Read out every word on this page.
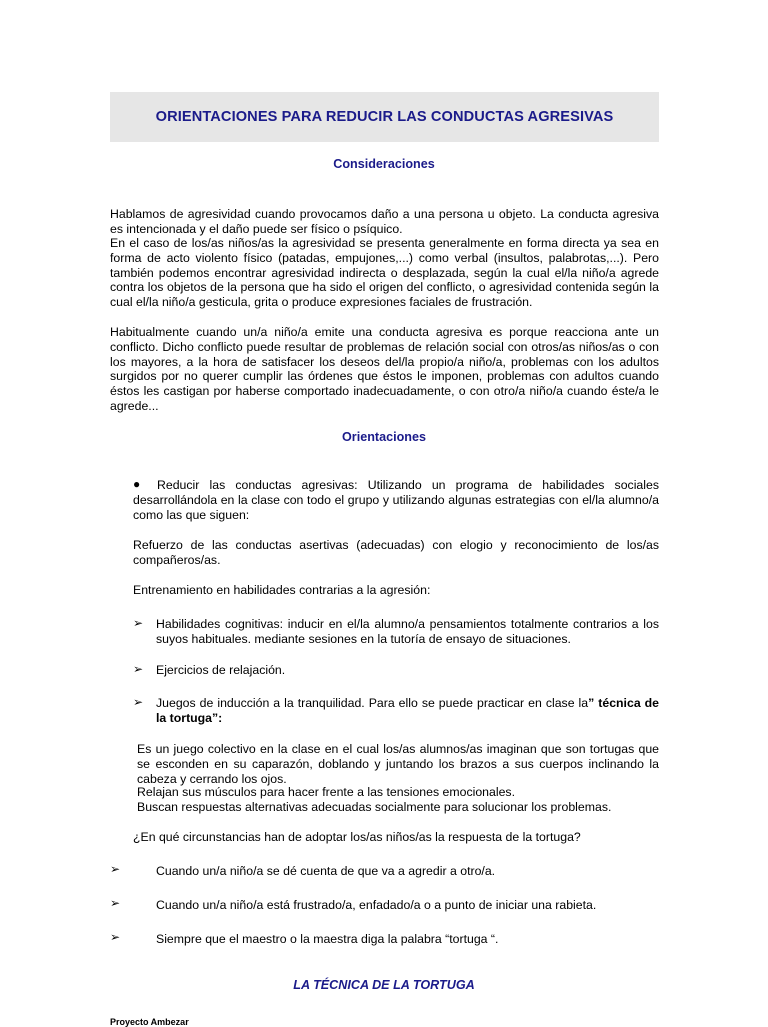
ORIENTACIONES PARA REDUCIR LAS CONDUCTAS AGRESIVAS

Consideraciones

Hablamos de agresividad cuando provocamos daño a una persona u objeto. La conducta agresiva es intencionada y el daño puede ser físico o psíquico.

En el caso de los/as niños/as la agresividad se presenta generalmente en forma directa ya sea en forma de acto violento físico (patadas, empujones,...) como verbal (insultos, palabrotas,...). Pero también podemos encontrar agresividad indirecta o desplazada, según la cual el/la niño/a agrede contra los objetos de la persona que ha sido el origen del conflicto, o agresividad contenida según la cual el/la niño/a gesticula, grita o produce expresiones faciales de frustración.

Habitualmente cuando un/a niño/a emite una conducta agresiva es porque reacciona ante un conflicto. Dicho conflicto puede resultar de problemas de relación social con otros/as niños/as o con los mayores, a la hora de satisfacer los deseos del/la propio/a niño/a, problemas con los adultos surgidos por no querer cumplir las órdenes que éstos le imponen, problemas con adultos cuando éstos les castigan por haberse comportado inadecuadamente, o con otro/a niño/a cuando éste/a le agrede...

Orientaciones

●	Reducir las conductas agresivas: Utilizando un programa de habilidades sociales desarrollándola en la clase con todo el grupo y utilizando algunas estrategias con el/la alumno/a como las que siguen:

Refuerzo de las conductas asertivas (adecuadas) con elogio y reconocimiento de los/as compañeros/as.

Entrenamiento en habilidades contrarias a la agresión:

➢ Habilidades cognitivas: inducir en el/la alumno/a pensamientos totalmente contrarios a los suyos habituales. mediante sesiones en la tutoría de ensayo de situaciones.

➢ Ejercicios de relajación.

➢ Juegos de inducción a la tranquilidad. Para ello se puede practicar en clase la” técnica de la tortuga”:

Es un juego colectivo en la clase en el cual los/as alumnos/as imaginan que son tortugas que se esconden en su caparazón, doblando y juntando los brazos a sus cuerpos inclinando la cabeza y cerrando los ojos.

Relajan sus músculos para hacer frente a las tensiones emocionales.

Buscan respuestas alternativas adecuadas socialmente para solucionar los problemas.

¿En qué circunstancias han de adoptar los/as niños/as la respuesta de la tortuga?

➢	Cuando un/a niño/a se dé cuenta de que va a agredir a otro/a.

➢	Cuando un/a niño/a está frustrado/a, enfadado/a o a punto de iniciar una rabieta.

➢	Siempre que el maestro o la maestra diga la palabra “tortuga “.

LA TÉCNICA DE LA TORTUGA

Proyecto Ambezar
